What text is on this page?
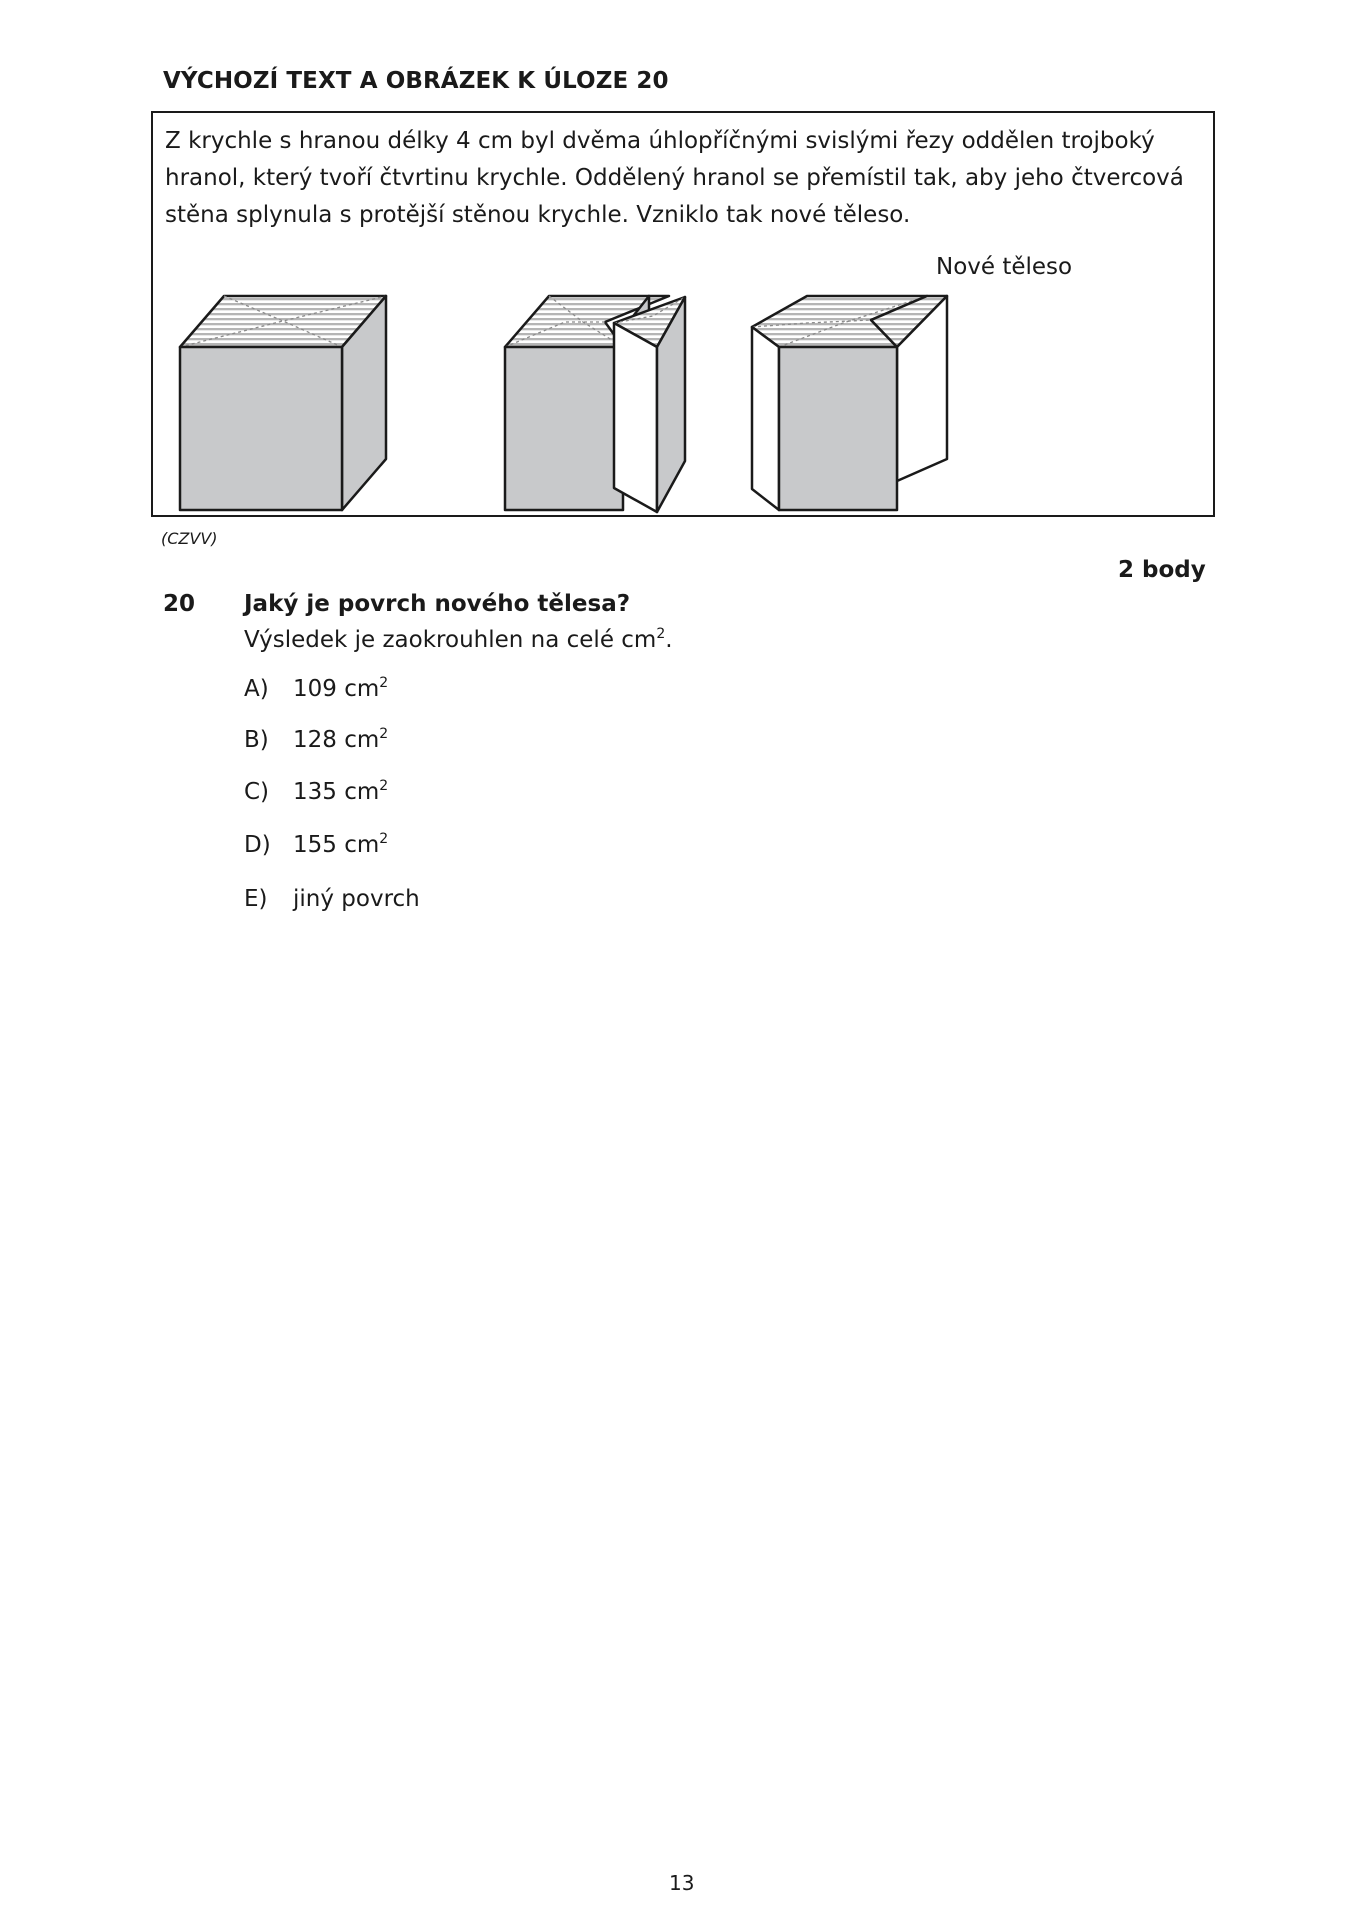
VÝCHOZÍ TEXT A OBRÁZEK K ÚLOZE 20
Z krychle s hranou délky 4 cm byl dvěma úhlopříčnými svislými řezy oddělen trojboký
hranol, který tvoří čtvrtinu krychle. Oddělený hranol se přemístil tak, aby jeho čtvercová
stěna splynula s protější stěnou krychle. Vzniklo tak nové těleso.
Nové těleso
(CZVV)
2 body
20 Jaký je povrch nového tělesa?
Výsledek je zaokrouhlen na celé $cm^2$.
A) 109 $cm^2$
B) 128 $cm^2$
C) 135 $cm^2$
D) 155 $cm^2$
E) jiný povrch
13
